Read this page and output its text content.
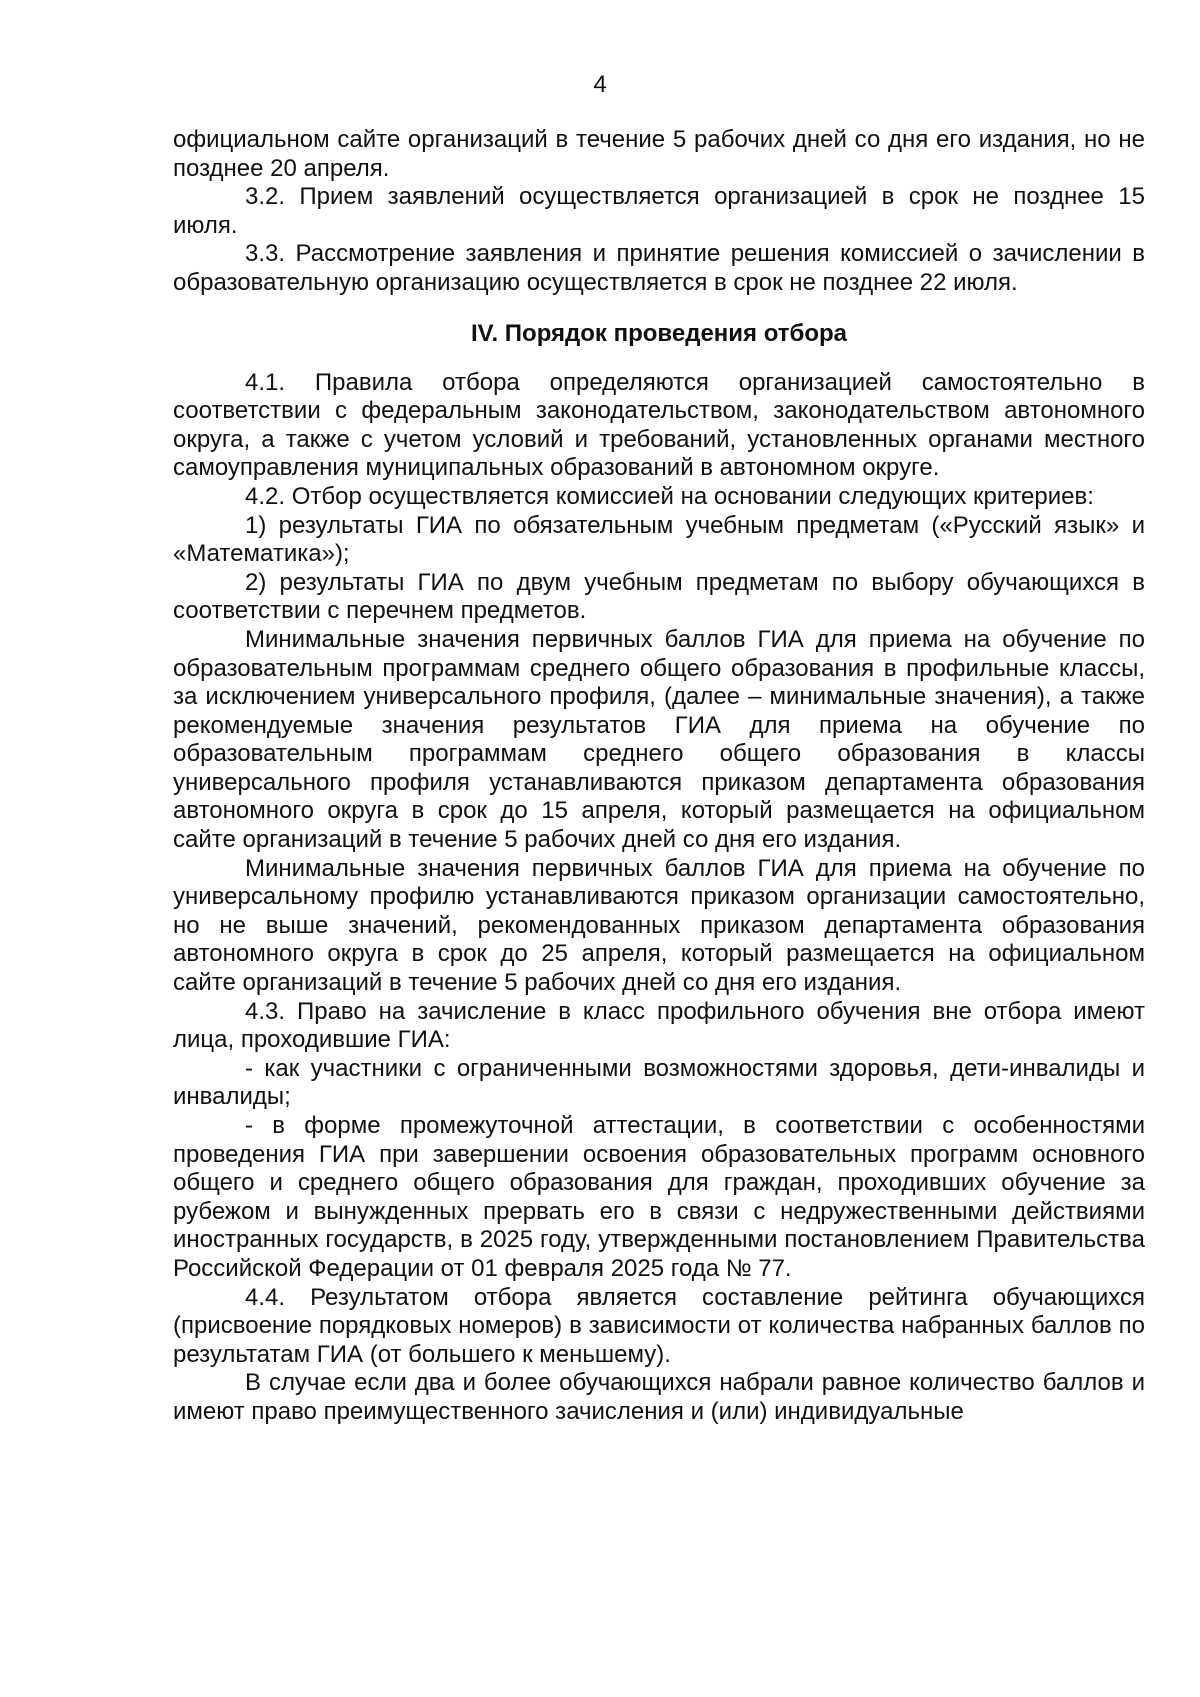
4

официальном сайте организаций в течение 5 рабочих дней со дня его издания, но не позднее 20 апреля.

3.2. Прием заявлений осуществляется организацией в срок не позднее 15 июля.

3.3. Рассмотрение заявления и принятие решения комиссией о зачислении в образовательную организацию осуществляется в срок не позднее 22 июля.

IV. Порядок проведения отбора

4.1. Правила отбора определяются организацией самостоятельно в соответствии с федеральным законодательством, законодательством автономного округа, а также с учетом условий и требований, установленных органами местного самоуправления муниципальных образований в автономном округе.

4.2. Отбор осуществляется комиссией на основании следующих критериев:

1) результаты ГИА по обязательным учебным предметам («Русский язык» и «Математика»);

2) результаты ГИА по двум учебным предметам по выбору обучающихся в соответствии с перечнем предметов.

Минимальные значения первичных баллов ГИА для приема на обучение по образовательным программам среднего общего образования в профильные классы, за исключением универсального профиля, (далее – минимальные значения), а также рекомендуемые значения результатов ГИА для приема на обучение по образовательным программам среднего общего образования в классы универсального профиля устанавливаются приказом департамента образования автономного округа в срок до 15 апреля, который размещается на официальном сайте организаций в течение 5 рабочих дней со дня его издания.

Минимальные значения первичных баллов ГИА для приема на обучение по универсальному профилю устанавливаются приказом организации самостоятельно, но не выше значений, рекомендованных приказом департамента образования автономного округа в срок до 25 апреля, который размещается на официальном сайте организаций в течение 5 рабочих дней со дня его издания.

4.3. Право на зачисление в класс профильного обучения вне отбора имеют лица, проходившие ГИА:

- как участники с ограниченными возможностями здоровья, дети-инвалиды и инвалиды;

- в форме промежуточной аттестации, в соответствии с особенностями проведения ГИА при завершении освоения образовательных программ основного общего и среднего общего образования для граждан, проходивших обучение за рубежом и вынужденных прервать его в связи с недружественными действиями иностранных государств, в 2025 году, утвержденными постановлением Правительства Российской Федерации от 01 февраля 2025 года № 77.

4.4. Результатом отбора является составление рейтинга обучающихся (присвоение порядковых номеров) в зависимости от количества набранных баллов по результатам ГИА (от большего к меньшему).

В случае если два и более обучающихся набрали равное количество баллов и имеют право преимущественного зачисления и (или) индивидуальные
